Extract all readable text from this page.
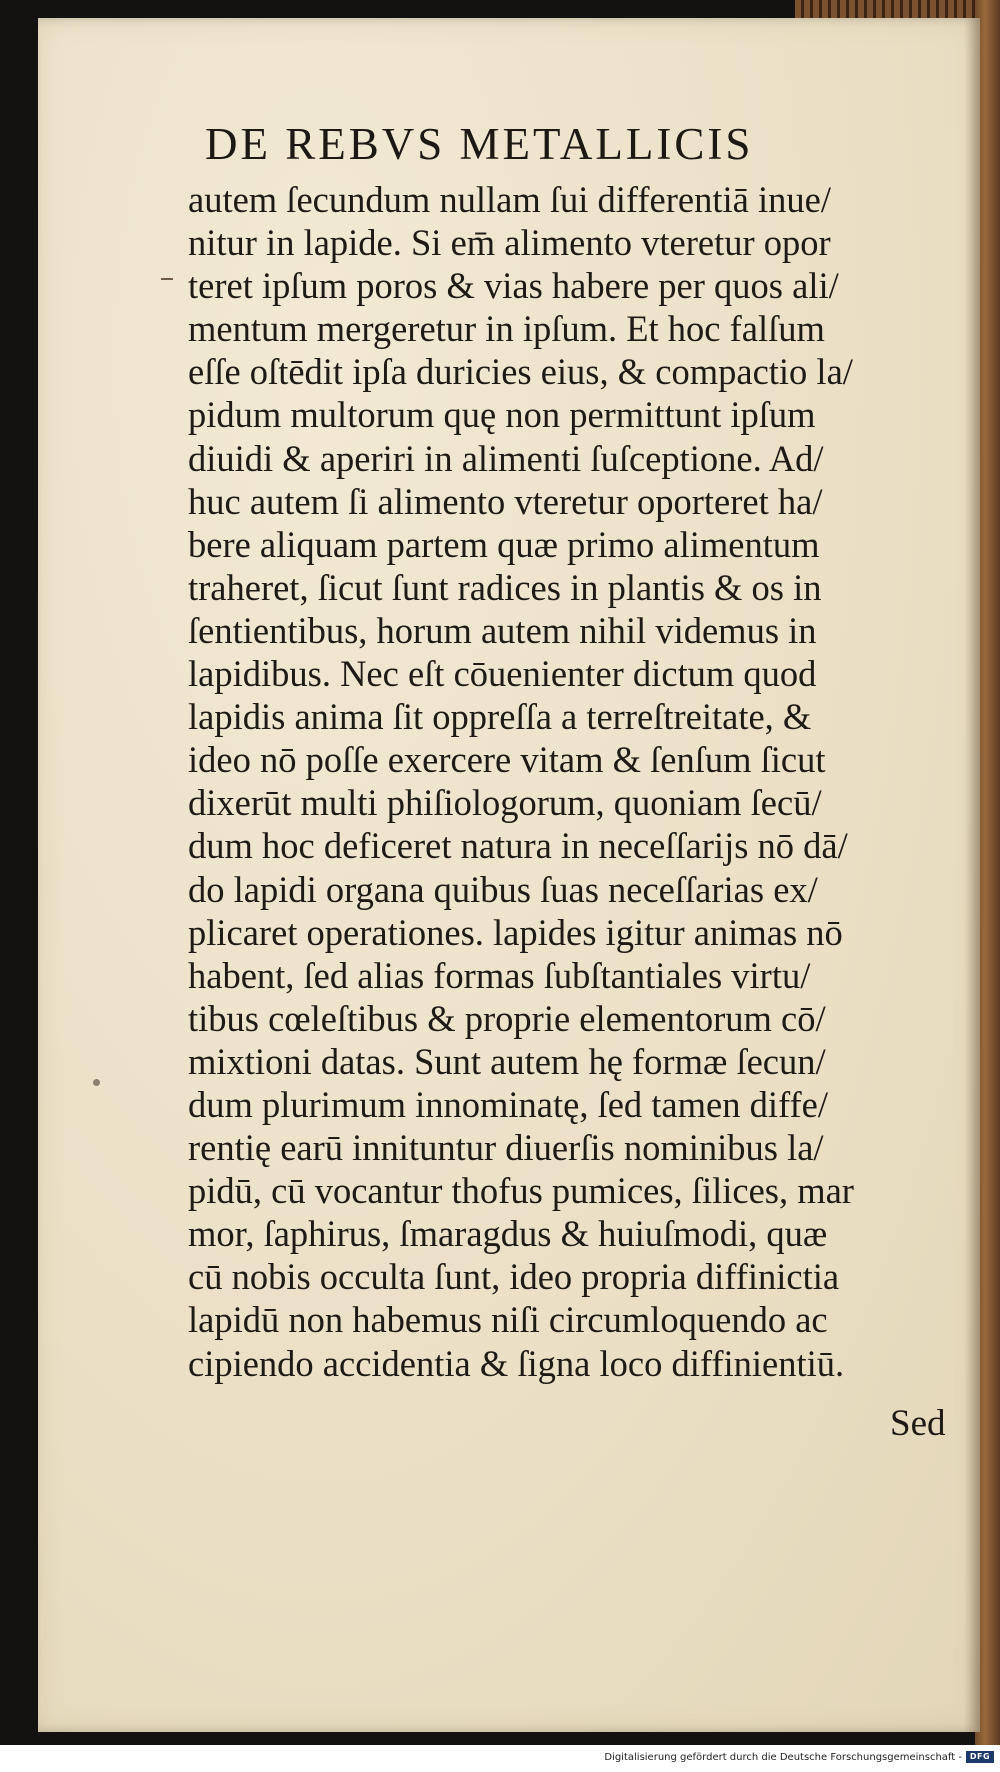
DE REBVS METALLICIS
autem ſecundum nullam ſui differentiā inue/
nitur in lapide. Si em̄ alimento vteretur opor
teret ipſum poros & vias habere per quos ali/
mentum mergeretur in ipſum. Et hoc falſum
eſſe oſtēdit ipſa duricies eius, & compactio la/
pidum multorum quę non permittunt ipſum
diuidi & aperiri in alimenti ſuſceptione. Ad/
huc autem ſi alimento vteretur oporteret ha/
bere aliquam partem quæ primo alimentum
traheret, ſicut ſunt radices in plantis & os in
ſentientibus, horum autem nihil videmus in
lapidibus. Nec eſt cōuenienter dictum quod
lapidis anima ſit oppreſſa a terreſtreitate, &
ideo nō poſſe exercere vitam & ſenſum ſicut
dixerūt multi phiſiologorum, quoniam ſecū/
dum hoc deficeret natura in neceſſarijs nō dā/
do lapidi organa quibus ſuas neceſſarias ex/
plicaret operationes. lapides igitur animas nō
habent, ſed alias formas ſubſtantiales virtu/
tibus cœleſtibus & proprie elementorum cō/
mixtioni datas. Sunt autem hę formæ ſecun/
dum plurimum innominatę, ſed tamen diffe/
rentię earū innituntur diuerſis nominibus la/
pidū, cū vocantur thofus pumices, ſilices, mar
mor, ſaphirus, ſmaragdus & huiuſmodi, quæ
cū nobis occulta ſunt, ideo propria diffinictia
lapidū non habemus niſi circumloquendo ac
cipiendo accidentia & ſigna loco diffinientiū.
Sed
Digitalisierung gefördert durch die Deutsche Forschungsgemeinschaft - DFG
